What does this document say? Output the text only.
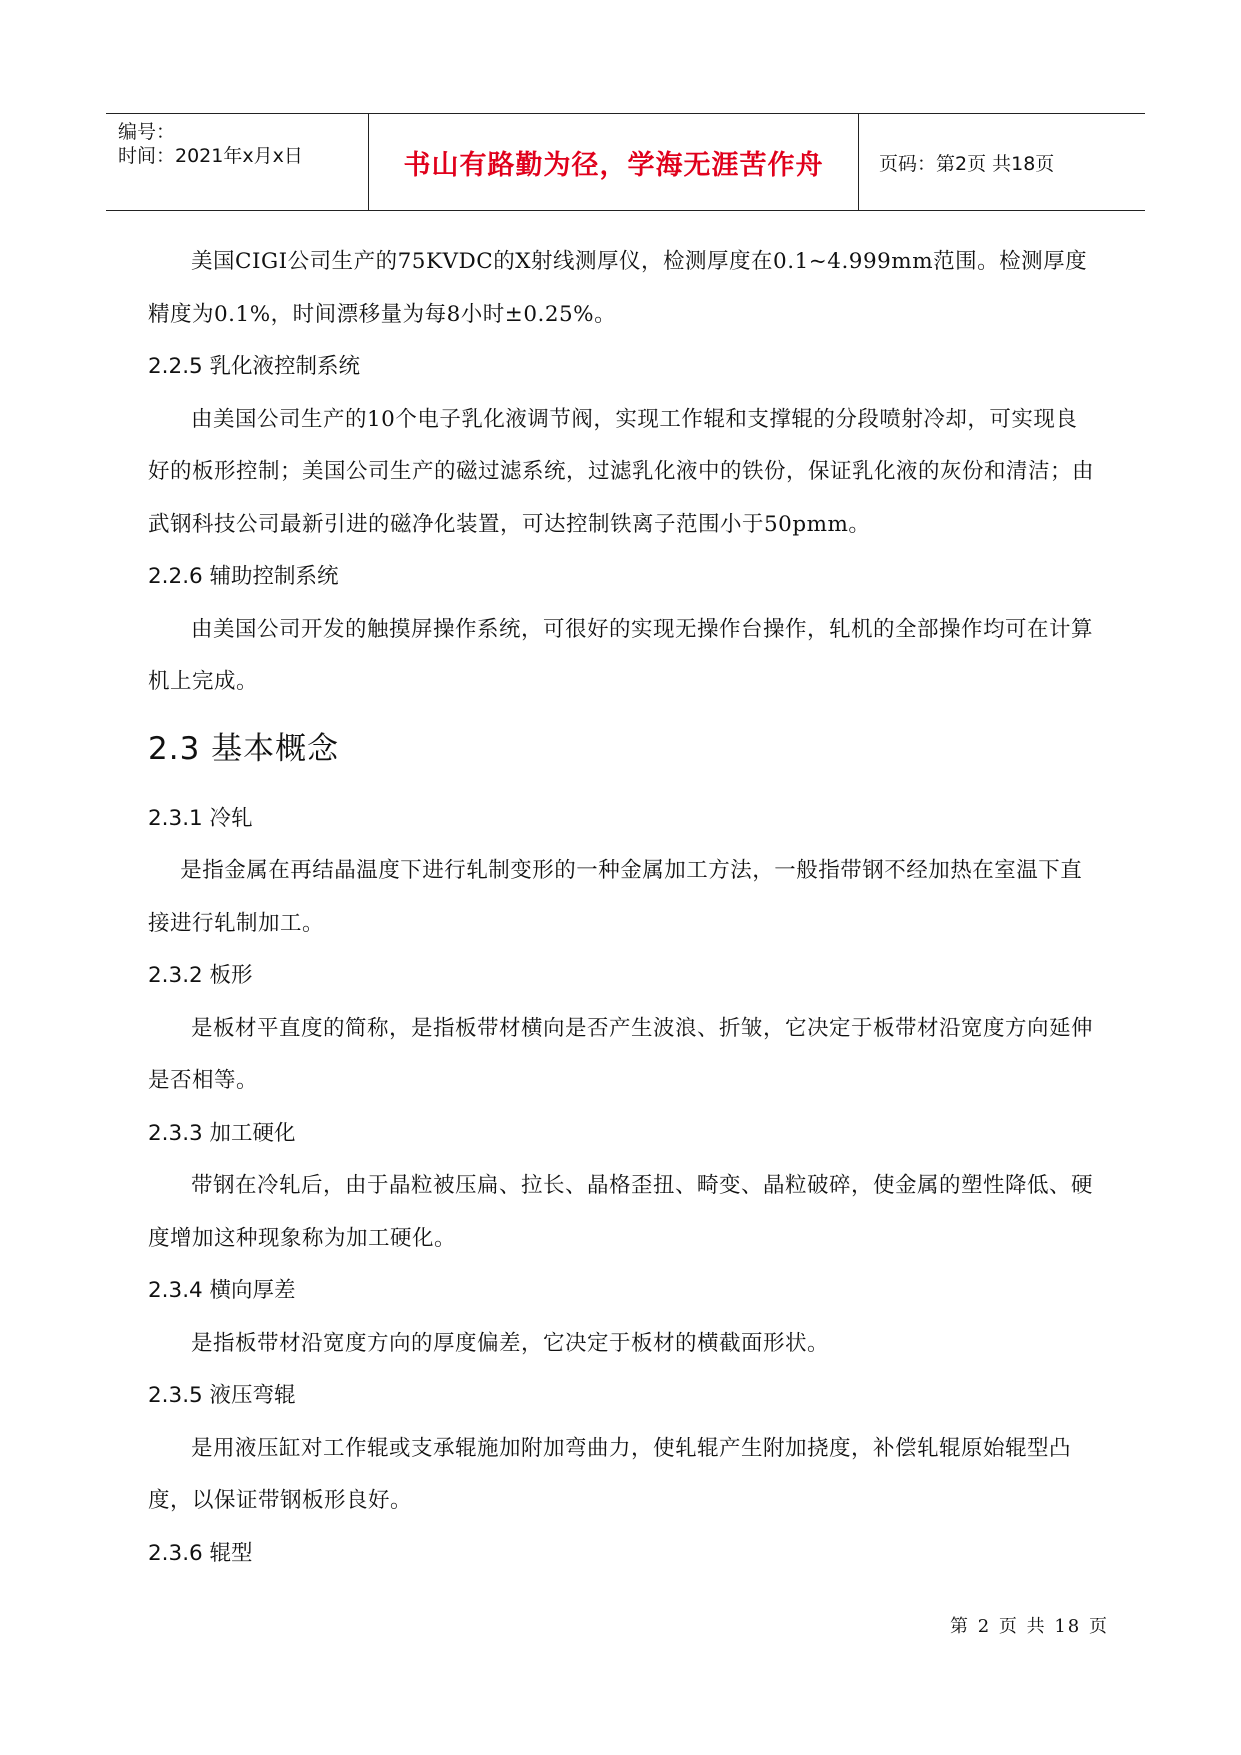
编号：
时间：2021年x月x日	书山有路勤为径，学海无涯苦作舟	页码：第2页 共18页

美国CIGI公司生产的75KVDC的X射线测厚仪，检测厚度在0.1~4.999mm范围。检测厚度精度为0.1%，时间漂移量为每8小时±0.25%。

2.2.5 乳化液控制系统

由美国公司生产的10个电子乳化液调节阀，实现工作辊和支撑辊的分段喷射冷却，可实现良好的板形控制；美国公司生产的磁过滤系统，过滤乳化液中的铁份，保证乳化液的灰份和清洁；由武钢科技公司最新引进的磁净化装置，可达控制铁离子范围小于50pmm。

2.2.6 辅助控制系统

由美国公司开发的触摸屏操作系统，可很好的实现无操作台操作，轧机的全部操作均可在计算机上完成。

2.3 基本概念
2.3.1 冷轧

是指金属在再结晶温度下进行轧制变形的一种金属加工方法，一般指带钢不经加热在室温下直接进行轧制加工。

2.3.2 板形

是板材平直度的简称，是指板带材横向是否产生波浪、折皱，它决定于板带材沿宽度方向延伸是否相等。

2.3.3 加工硬化

带钢在冷轧后，由于晶粒被压扁、拉长、晶格歪扭、畸变、晶粒破碎，使金属的塑性降低、硬度增加这种现象称为加工硬化。

2.3.4 横向厚差

是指板带材沿宽度方向的厚度偏差，它决定于板材的横截面形状。

2.3.5 液压弯辊

是用液压缸对工作辊或支承辊施加附加弯曲力，使轧辊产生附加挠度，补偿轧辊原始辊型凸度，以保证带钢板形良好。

2.3.6 辊型
第 2 页 共 18 页
